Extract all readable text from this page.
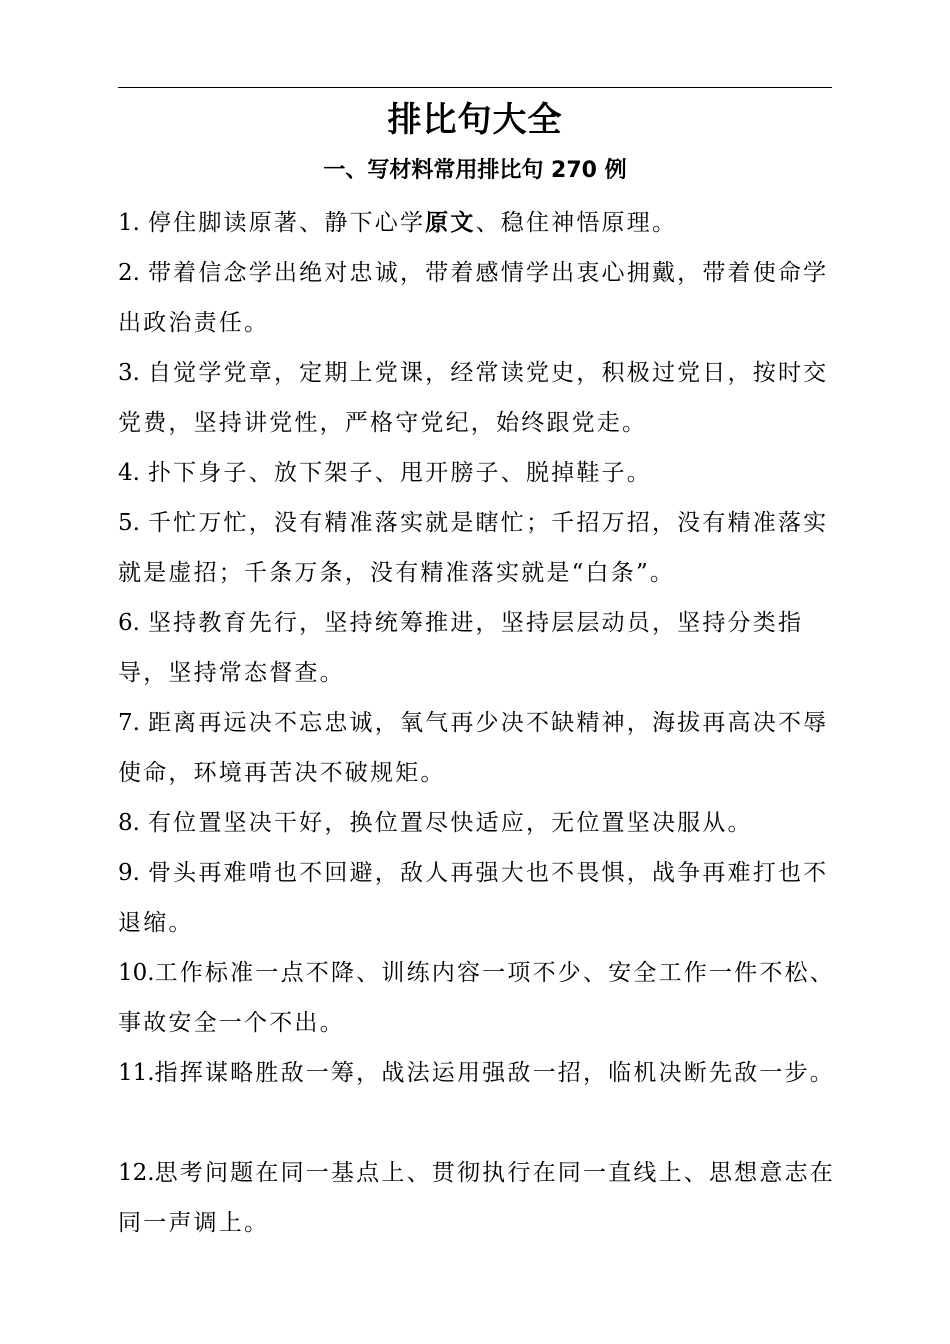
排比句大全
一、写材料常用排比句 270 例

1. 停住脚读原著、静下心学原文、稳住神悟原理。

2. 带着信念学出绝对忠诚，带着感情学出衷心拥戴，带着使命学出政治责任。

3. 自觉学党章，定期上党课，经常读党史，积极过党日，按时交党费，坚持讲党性，严格守党纪，始终跟党走。

4. 扑下身子、放下架子、甩开膀子、脱掉鞋子。

5. 千忙万忙，没有精准落实就是瞎忙；千招万招，没有精准落实就是虚招；千条万条，没有精准落实就是“白条”。

6. 坚持教育先行，坚持统筹推进，坚持层层动员，坚持分类指导，坚持常态督查。

7. 距离再远决不忘忠诚，氧气再少决不缺精神，海拔再高决不辱使命，环境再苦决不破规矩。

8. 有位置坚决干好，换位置尽快适应，无位置坚决服从。

9. 骨头再难啃也不回避，敌人再强大也不畏惧，战争再难打也不退缩。

10.工作标准一点不降、训练内容一项不少、安全工作一件不松、事故安全一个不出。

11.指挥谋略胜敌一筹，战法运用强敌一招，临机决断先敌一步。

12.思考问题在同一基点上、贯彻执行在同一直线上、思想意志在同一声调上。
